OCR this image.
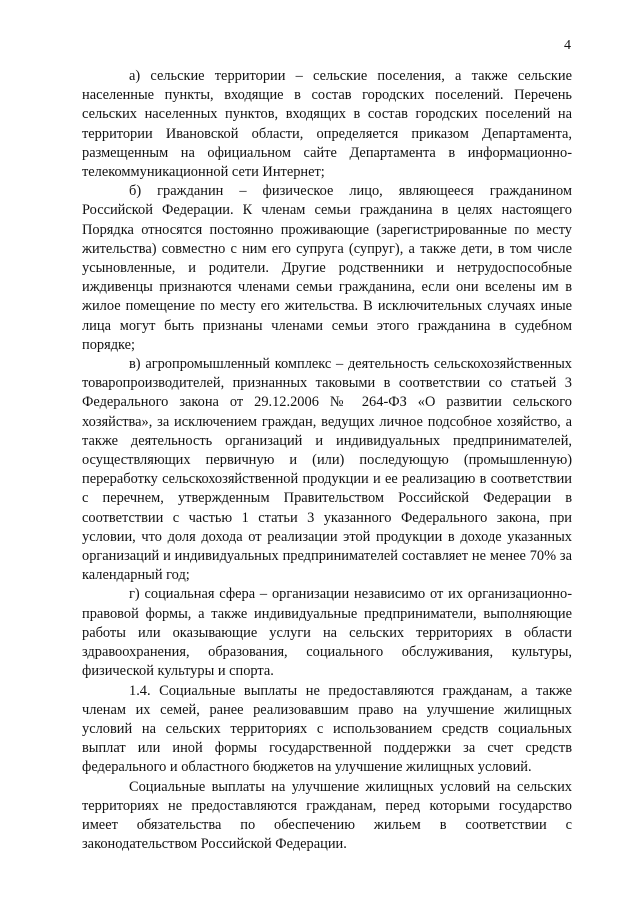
4

а) сельские территории – сельские поселения, а также сельские населенные пункты, входящие в состав городских поселений. Перечень сельских населенных пунктов, входящих в состав городских поселений на территории Ивановской области, определяется приказом Департамента, размещенным на официальном сайте Департамента в информационно-телекоммуникационной сети Интернет;

б) гражданин – физическое лицо, являющееся гражданином Российской Федерации. К членам семьи гражданина в целях настоящего Порядка относятся постоянно проживающие (зарегистрированные по месту жительства) совместно с ним его супруга (супруг), а также дети, в том числе усыновленные, и родители. Другие родственники и нетрудоспособные иждивенцы признаются членами семьи гражданина, если они вселены им в жилое помещение по месту его жительства. В исключительных случаях иные лица могут быть признаны членами семьи этого гражданина в судебном порядке;

в) агропромышленный комплекс – деятельность сельскохозяйственных товаропроизводителей, признанных таковыми в соответствии со статьей 3 Федерального закона от 29.12.2006 № 264-ФЗ «О развитии сельского хозяйства», за исключением граждан, ведущих личное подсобное хозяйство, а также деятельность организаций и индивидуальных предпринимателей, осуществляющих первичную и (или) последующую (промышленную) переработку сельскохозяйственной продукции и ее реализацию в соответствии с перечнем, утвержденным Правительством Российской Федерации в соответствии с частью 1 статьи 3 указанного Федерального закона, при условии, что доля дохода от реализации этой продукции в доходе указанных организаций и индивидуальных предпринимателей составляет не менее 70% за календарный год;

г) социальная сфера – организации независимо от их организационно-правовой формы, а также индивидуальные предприниматели, выполняющие работы или оказывающие услуги на сельских территориях в области здравоохранения, образования, социального обслуживания, культуры, физической культуры и спорта.

1.4. Социальные выплаты не предоставляются гражданам, а также членам их семей, ранее реализовавшим право на улучшение жилищных условий на сельских территориях с использованием средств социальных выплат или иной формы государственной поддержки за счет средств федерального и областного бюджетов на улучшение жилищных условий.

Социальные выплаты на улучшение жилищных условий на сельских территориях не предоставляются гражданам, перед которыми государство имеет обязательства по обеспечению жильем в соответствии с законодательством Российской Федерации.
